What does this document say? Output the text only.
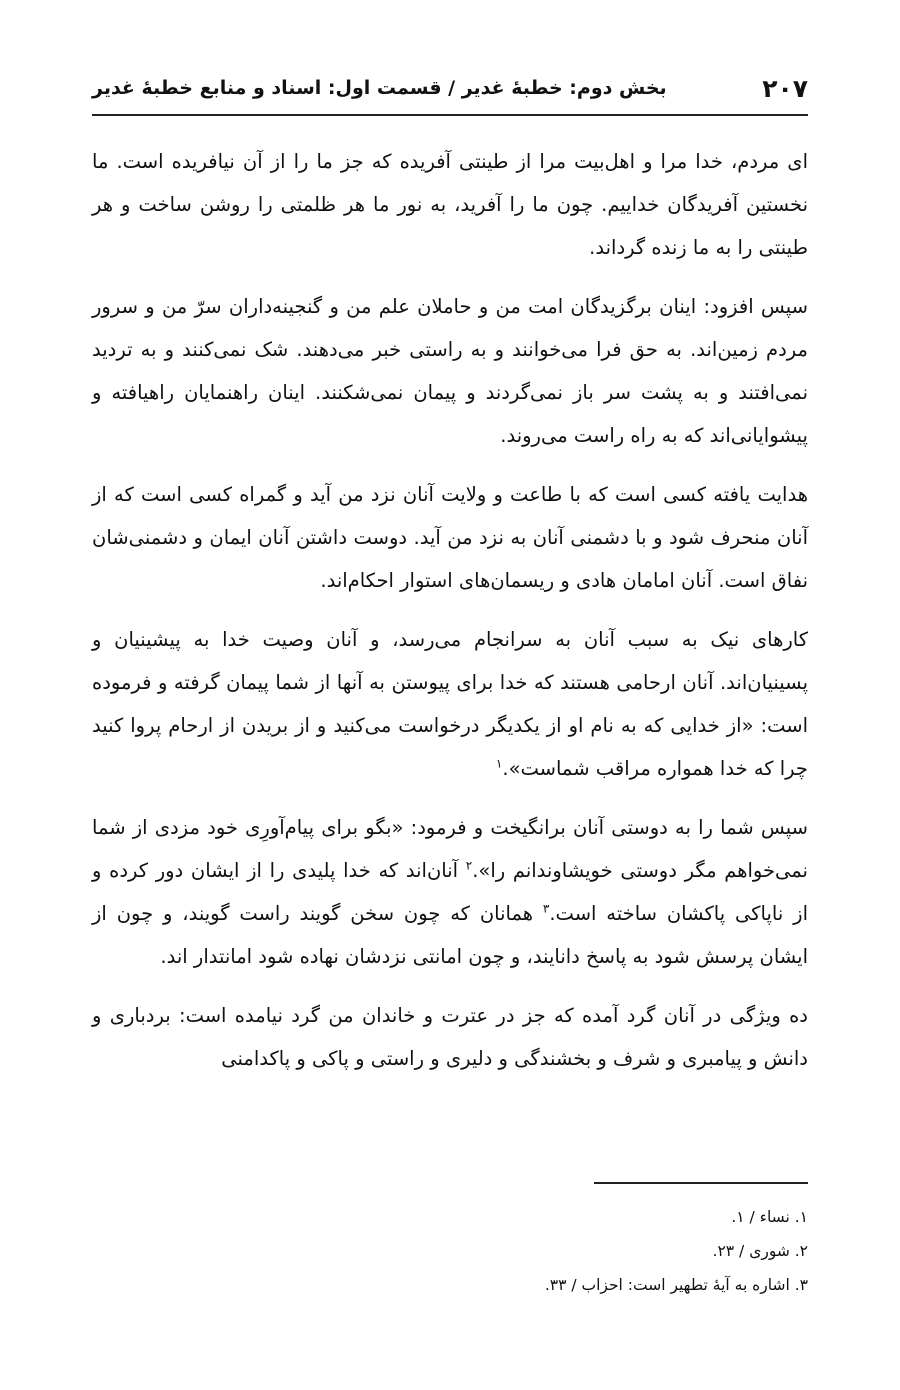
بخش دوم: خطبهٔ غدیر / قسمت اول: اسناد و منابع خطبهٔ غدیر	۲۰۷

ای مردم، خدا مرا و اهل‌بیت مرا از طینتی آفریده که جز ما را از آن نیافریده است. ما نخستین آفریدگان خداییم. چون ما را آفرید، به نور ما هر ظلمتی را روشن ساخت و هر طینتی را به ما زنده گرداند.

سپس افزود: اینان برگزیدگان امت من و حاملان علم من و گنجینه‌داران سرّ من و سرور مردم زمین‌اند. به حق فرا می‌خوانند و به راستی خبر می‌دهند. شک نمی‌کنند و به تردید نمی‌افتند و به پشت سر باز نمی‌گردند و پیمان نمی‌شکنند. اینان راهنمایان راهیافته و پیشوایانی‌اند که به راه راست می‌روند.

هدایت یافته کسی است که با طاعت و ولایت آنان نزد من آید و گمراه کسی است که از آنان منحرف شود و با دشمنی آنان به نزد من آید. دوست داشتن آنان ایمان و دشمنی‌شان نفاق است. آنان امامان هادی و ریسمان‌های استوار احکام‌اند.

کارهای نیک به سبب آنان به سرانجام می‌رسد، و آنان وصیت خدا به پیشینیان و پسینیان‌اند. آنان ارحامی هستند که خدا برای پیوستن به آنها از شما پیمان گرفته و فرموده است: «از خدایی که به نام او از یکدیگر درخواست می‌کنید و از بریدن از ارحام پروا کنید چرا که خدا همواره مراقب شماست».$^۱$

سپس شما را به دوستی آنان برانگیخت و فرمود: «بگو برای پیام‌آورِی خود مزدی از شما نمی‌خواهم مگر دوستی خویشاوندانم را».$^۲$ آنان‌اند که خدا پلیدی را از ایشان دور کرده و از ناپاکی پاکشان ساخته است.$^۳$ همانان که چون سخن گویند راست گویند، و چون از ایشان پرسش شود به پاسخ دانایند، و چون امانتی نزدشان نهاده شود امانتدار اند.

ده ویژگی در آنان گرد آمده که جز در عترت و خاندان من گرد نیامده است: بردباری و دانش و پیامبری و شرف و بخشندگی و دلیری و راستی و پاکی و پاکدامنی

۱. نساء / ۱.

۲. شوری / ۲۳.

۳. اشاره به آیهٔ تطهیر است: احزاب / ۳۳.
